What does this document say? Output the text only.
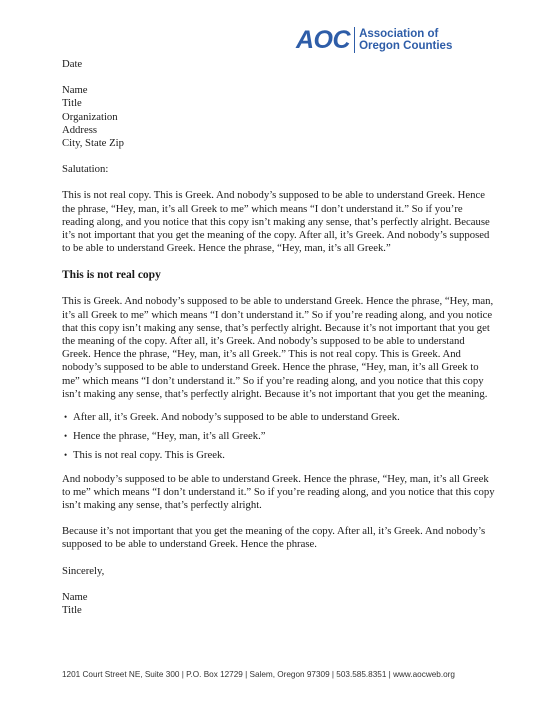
AOC Association of
Oregon Counties

Date

Name

Title

Organization

Address

City, State Zip

Salutation:

This is not real copy. This is Greek. And nobody’s supposed to be able to understand Greek. Hence the phrase, “Hey, man, it’s all Greek to me” which means “I don’t understand it.” So if you’re reading along, and you notice that this copy isn’t making any sense, that’s perfectly alright. Because it’s not important that you get the meaning of the copy. After all, it’s Greek. And nobody’s supposed to be able to understand Greek. Hence the phrase, “Hey, man, it’s all Greek.”

This is not real copy

This is Greek. And nobody’s supposed to be able to understand Greek. Hence the phrase, “Hey, man, it’s all Greek to me” which means “I don’t understand it.” So if you’re reading along, and you notice that this copy isn’t making any sense, that’s perfectly alright. Because it’s not important that you get the meaning of the copy. After all, it’s Greek. And nobody’s supposed to be able to understand Greek. Hence the phrase, “Hey, man, it’s all Greek.” This is not real copy. This is Greek. And nobody’s supposed to be able to understand Greek. Hence the phrase, “Hey, man, it’s all Greek to me” which means “I don’t understand it.” So if you’re reading along, and you notice that this copy isn’t making any sense, that’s perfectly alright. Because it’s not important that you get the meaning.

• After all, it’s Greek. And nobody’s supposed to be able to understand Greek.
• Hence the phrase, “Hey, man, it’s all Greek.”
• This is not real copy. This is Greek.

And nobody’s supposed to be able to understand Greek. Hence the phrase, “Hey, man, it’s all Greek to me” which means “I don’t understand it.” So if you’re reading along, and you notice that this copy isn’t making any sense, that’s perfectly alright.

Because it’s not important that you get the meaning of the copy. After all, it’s Greek. And nobody’s supposed to be able to understand Greek. Hence the phrase.

Sincerely,

Name

Title

1201 Court Street NE, Suite 300 | P.O. Box 12729 | Salem, Oregon 97309 | 503.585.8351 | www.aocweb.org
